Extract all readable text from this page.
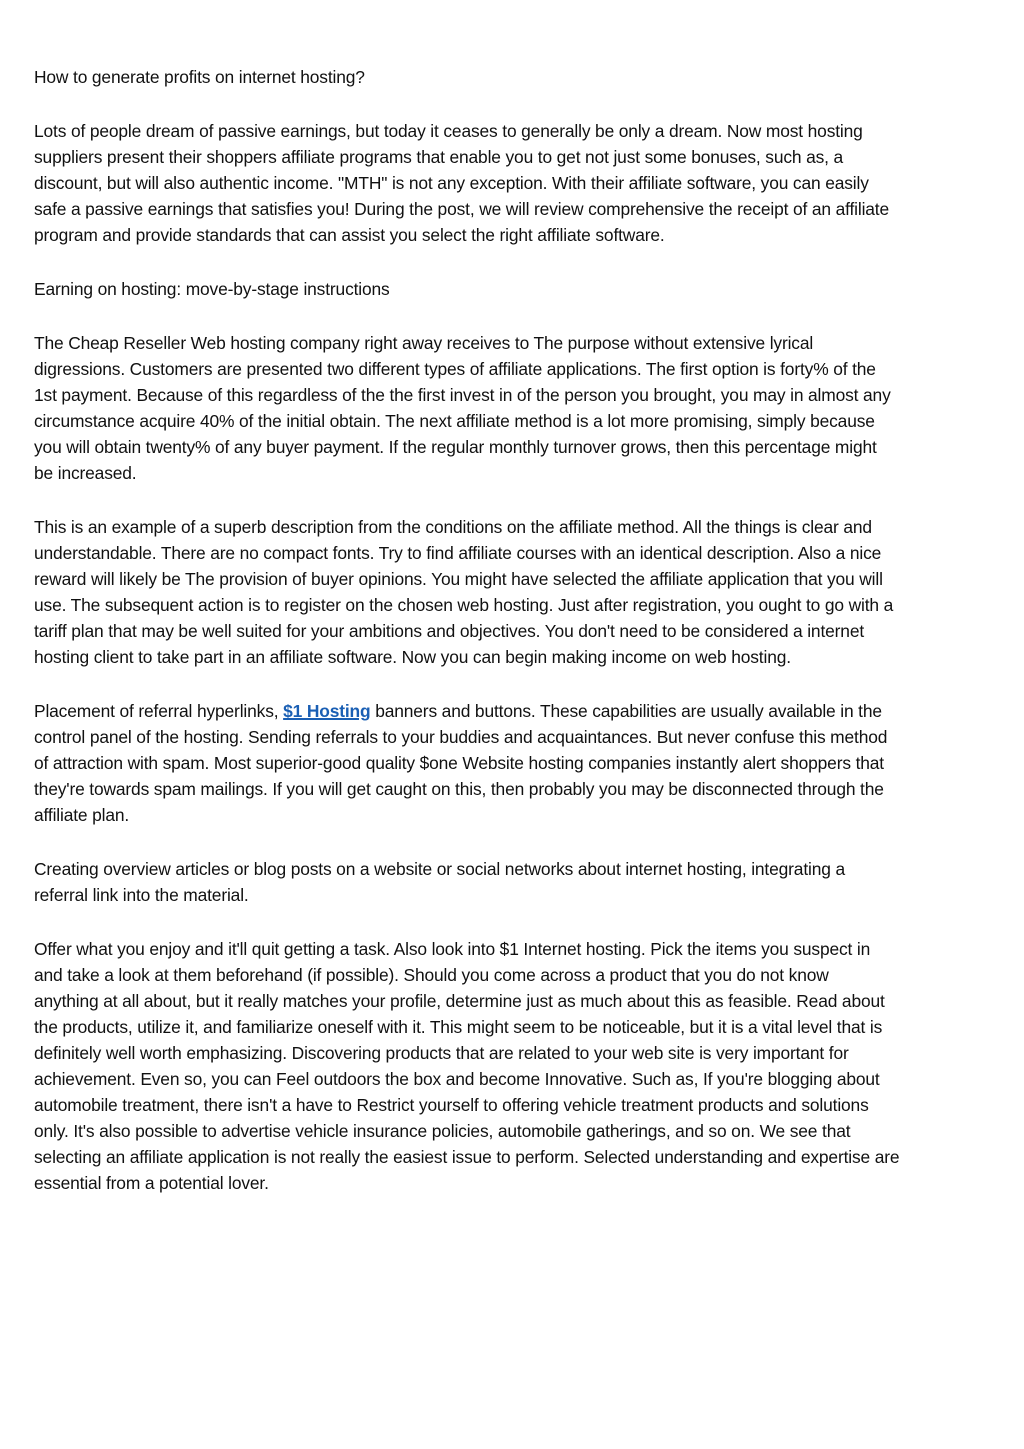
How to generate profits on internet hosting?

Lots of people dream of passive earnings, but today it ceases to generally be only a dream. Now most hosting
suppliers present their shoppers affiliate programs that enable you to get not just some bonuses, such as, a
discount, but will also authentic income. "MTH" is not any exception. With their affiliate software, you can easily
safe a passive earnings that satisfies you! During the post, we will review comprehensive the receipt of an affiliate
program and provide standards that can assist you select the right affiliate software.

Earning on hosting: move-by-stage instructions

The Cheap Reseller Web hosting company right away receives to The purpose without extensive lyrical
digressions. Customers are presented two different types of affiliate applications. The first option is forty% of the
1st payment. Because of this regardless of the the first invest in of the person you brought, you may in almost any
circumstance acquire 40% of the initial obtain. The next affiliate method is a lot more promising, simply because
you will obtain twenty% of any buyer payment. If the regular monthly turnover grows, then this percentage might
be increased.

This is an example of a superb description from the conditions on the affiliate method. All the things is clear and
understandable. There are no compact fonts. Try to find affiliate courses with an identical description. Also a nice
reward will likely be The provision of buyer opinions. You might have selected the affiliate application that you will
use. The subsequent action is to register on the chosen web hosting. Just after registration, you ought to go with a
tariff plan that may be well suited for your ambitions and objectives. You don't need to be considered a internet
hosting client to take part in an affiliate software. Now you can begin making income on web hosting.

Placement of referral hyperlinks, $1 Hosting banners and buttons. These capabilities are usually available in the
control panel of the hosting. Sending referrals to your buddies and acquaintances. But never confuse this method
of attraction with spam. Most superior-good quality $one Website hosting companies instantly alert shoppers that
they're towards spam mailings. If you will get caught on this, then probably you may be disconnected through the
affiliate plan.

Creating overview articles or blog posts on a website or social networks about internet hosting, integrating a
referral link into the material.

Offer what you enjoy and it'll quit getting a task. Also look into $1 Internet hosting. Pick the items you suspect in
and take a look at them beforehand (if possible). Should you come across a product that you do not know
anything at all about, but it really matches your profile, determine just as much about this as feasible. Read about
the products, utilize it, and familiarize oneself with it. This might seem to be noticeable, but it is a vital level that is
definitely well worth emphasizing. Discovering products that are related to your web site is very important for
achievement. Even so, you can Feel outdoors the box and become Innovative. Such as, If you're blogging about
automobile treatment, there isn't a have to Restrict yourself to offering vehicle treatment products and solutions
only. It's also possible to advertise vehicle insurance policies, automobile gatherings, and so on. We see that
selecting an affiliate application is not really the easiest issue to perform. Selected understanding and expertise are
essential from a potential lover.
